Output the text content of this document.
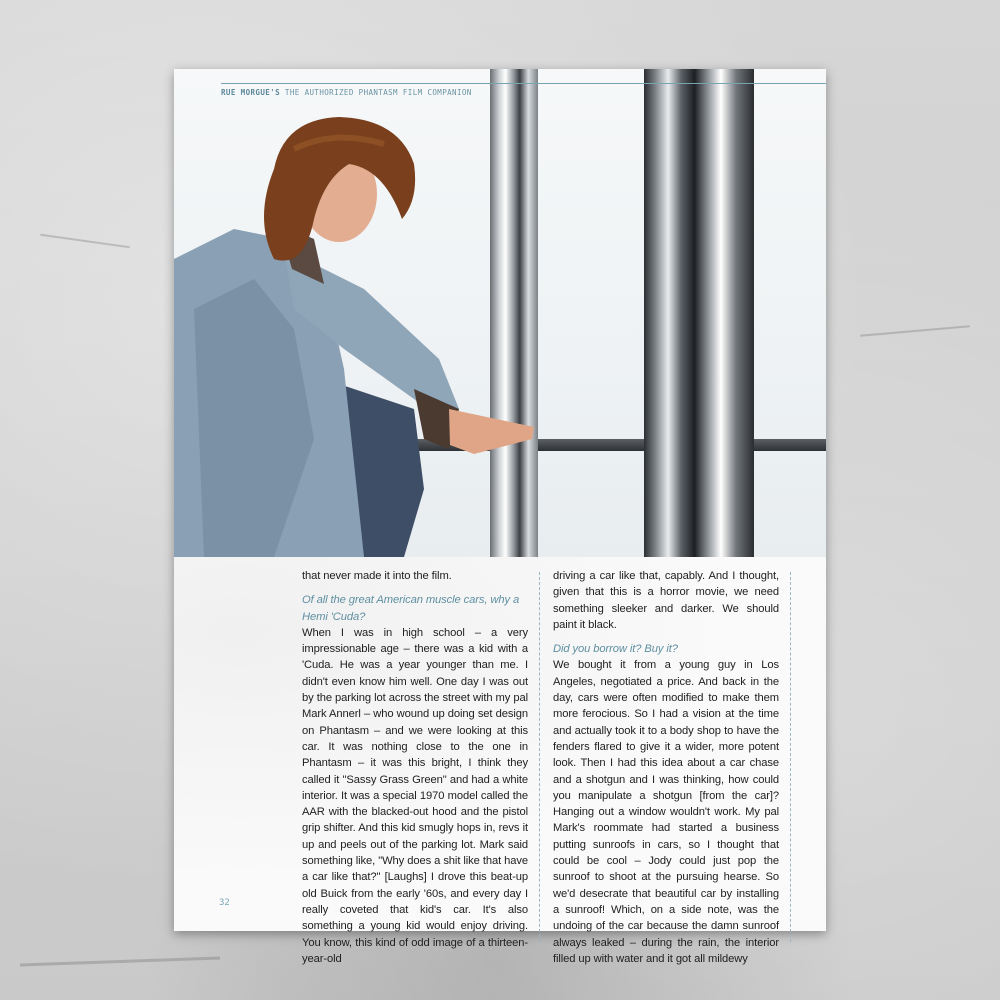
RUE MORGUE'S THE AUTHORIZED PHANTASM FILM COMPANION

that never made it into the film.

Of all the great American muscle cars, why a Hemi 'Cuda?

When I was in high school – a very impressionable age – there was a kid with a 'Cuda. He was a year younger than me. I didn't even know him well. One day I was out by the parking lot across the street with my pal Mark Annerl – who wound up doing set design on Phantasm – and we were looking at this car. It was nothing close to the one in Phantasm – it was this bright, I think they called it "Sassy Grass Green" and had a white interior. It was a special 1970 model called the AAR with the blacked-out hood and the pistol grip shifter. And this kid smugly hops in, revs it up and peels out of the parking lot. Mark said something like, "Why does a shit like that have a car like that?" [Laughs] I drove this beat-up old Buick from the early '60s, and every day I really coveted that kid's car. It's also something a young kid would enjoy driving. You know, this kind of odd image of a thirteen-year-old

driving a car like that, capably. And I thought, given that this is a horror movie, we need something sleeker and darker. We should paint it black.

Did you borrow it? Buy it?

We bought it from a young guy in Los Angeles, negotiated a price. And back in the day, cars were often modified to make them more ferocious. So I had a vision at the time and actually took it to a body shop to have the fenders flared to give it a wider, more potent look. Then I had this idea about a car chase and a shotgun and I was thinking, how could you manipulate a shotgun [from the car]? Hanging out a window wouldn't work. My pal Mark's roommate had started a business putting sunroofs in cars, so I thought that could be cool – Jody could just pop the sunroof to shoot at the pursuing hearse. So we'd desecrate that beautiful car by installing a sunroof! Which, on a side note, was the undoing of the car because the damn sunroof always leaked – during the rain, the interior filled up with water and it got all mildewy

32
